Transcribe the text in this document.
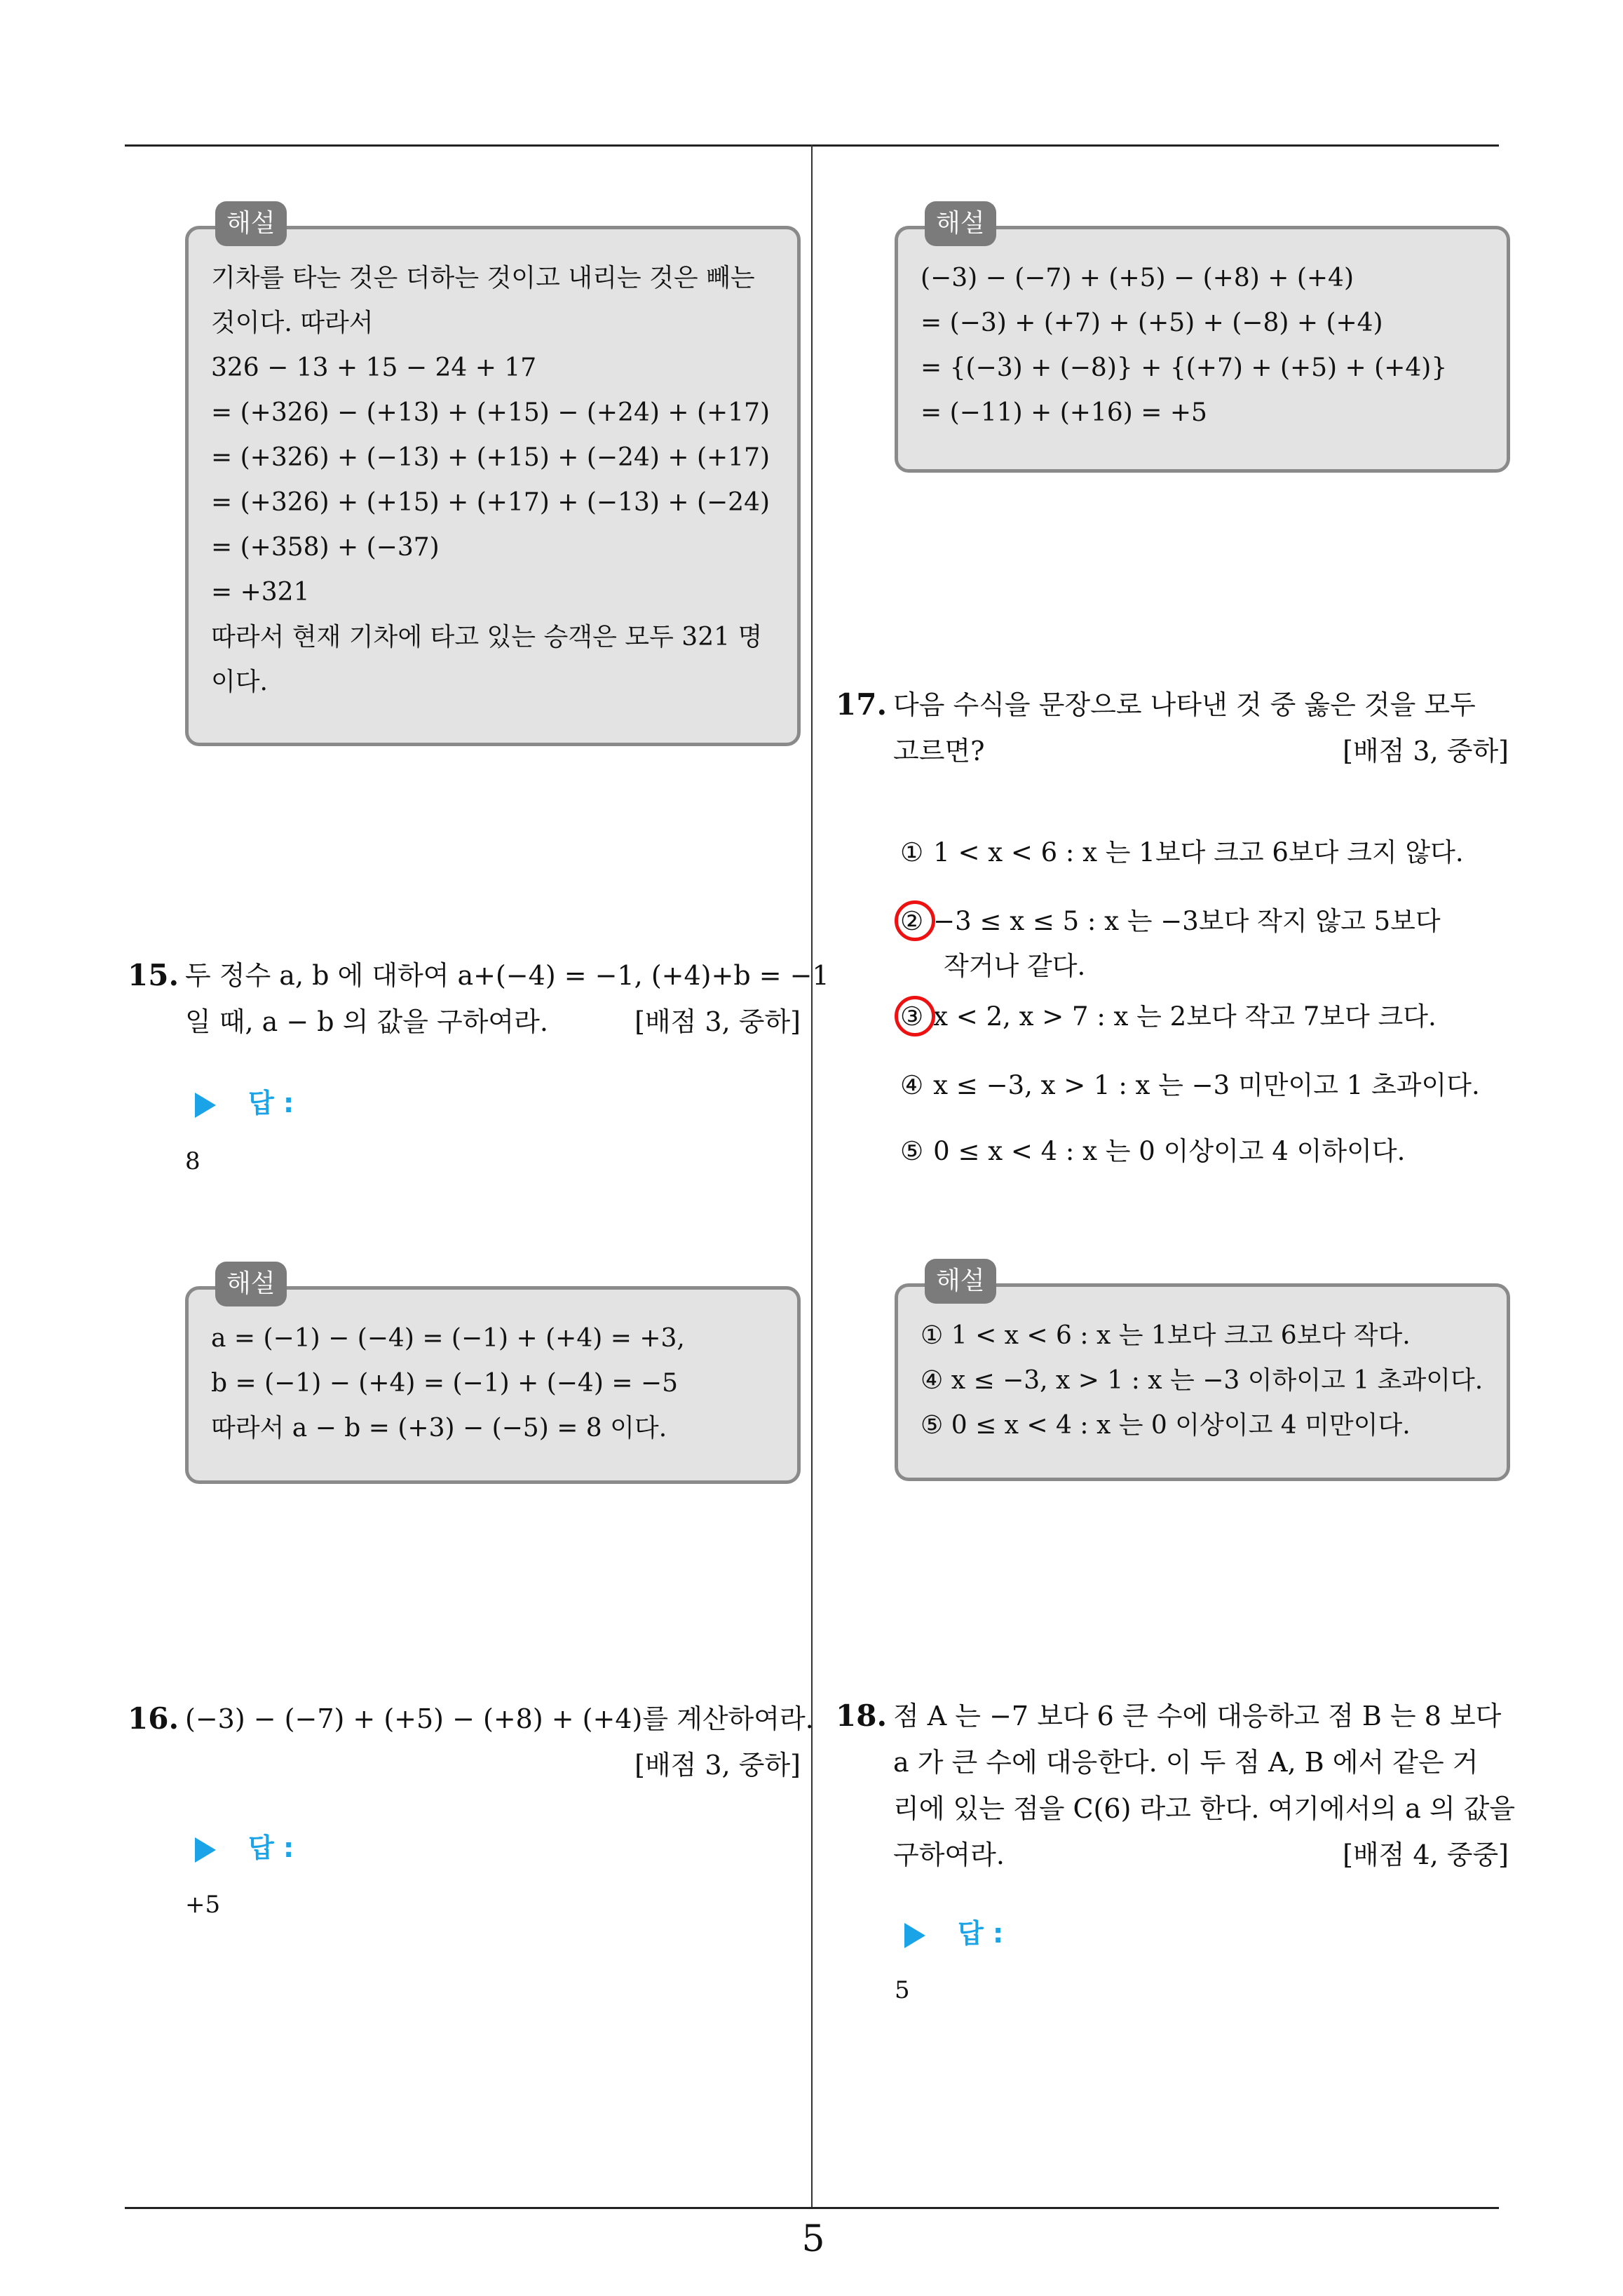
해설
기차를 타는 것은 더하는 것이고 내리는 것은 빼는
것이다. 따라서
326 − 13 + 15 − 24 + 17
= (+326) − (+13) + (+15) − (+24) + (+17)
= (+326) + (−13) + (+15) + (−24) + (+17)
= (+326) + (+15) + (+17) + (−13) + (−24)
= (+358) + (−37)
= +321
따라서 현재 기차에 타고 있는 승객은 모두 321 명
이다.
15. 두 정수 a, b 에 대하여 a+(−4) = −1, (+4)+b = −1
일 때, a − b 의 값을 구하여라.	[배점 3, 중하]
답 :
8
해설
a = (−1) − (−4) = (−1) + (+4) = +3,
b = (−1) − (+4) = (−1) + (−4) = −5
따라서 a − b = (+3) − (−5) = 8 이다.
16. (−3) − (−7) + (+5) − (+8) + (+4)를 계산하여라.
[배점 3, 중하]
답 :
+5
해설
(−3) − (−7) + (+5) − (+8) + (+4)
= (−3) + (+7) + (+5) + (−8) + (+4)
= {(−3) + (−8)} + {(+7) + (+5) + (+4)}
= (−11) + (+16) = +5
17. 다음 수식을 문장으로 나타낸 것 중 옳은 것을 모두
고르면?	[배점 3, 중하]
① 1 < x < 6 : x 는 1보다 크고 6보다 크지 않다.
② −3 ≤ x ≤ 5 : x 는 −3보다 작지 않고 5보다
작거나 같다.
③ x < 2, x > 7 : x 는 2보다 작고 7보다 크다.
④ x ≤ −3, x > 1 : x 는 −3 미만이고 1 초과이다.
⑤ 0 ≤ x < 4 : x 는 0 이상이고 4 이하이다.
해설
① 1 < x < 6 : x 는 1보다 크고 6보다 작다.
④ x ≤ −3, x > 1 : x 는 −3 이하이고 1 초과이다.
⑤ 0 ≤ x < 4 : x 는 0 이상이고 4 미만이다.
18. 점 A 는 −7 보다 6 큰 수에 대응하고 점 B 는 8 보다
a 가 큰 수에 대응한다. 이 두 점 A, B 에서 같은 거
리에 있는 점을 C(6) 라고 한다. 여기에서의 a 의 값을
구하여라.	[배점 4, 중중]
답 :
5
5
